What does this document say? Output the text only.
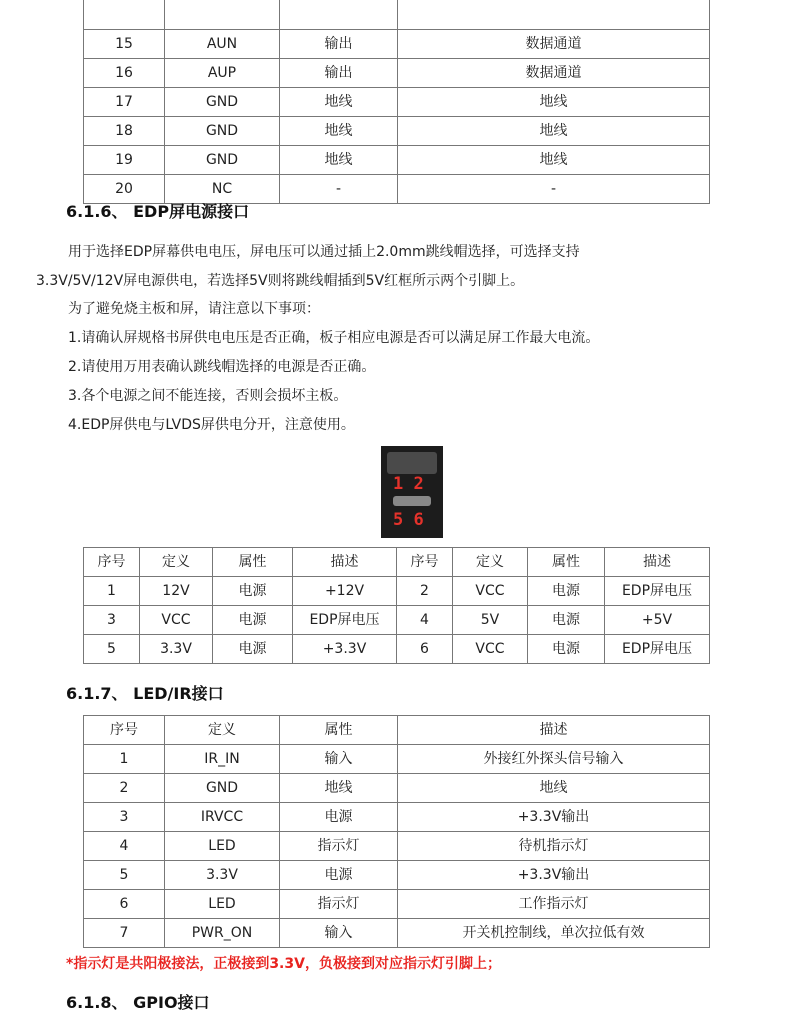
15	AUN	输出	数据通道
16	AUP	输出	数据通道
17	GND	地线	地线
18	GND	地线	地线
19	GND	地线	地线
20	NC	-	-
6.1.6、 EDP屏电源接口
用于选择EDP屏幕供电电压，屏电压可以通过插上2.0mm跳线帽选择，可选择支持
3.3V/5V/12V屏电源供电，若选择5V则将跳线帽插到5V红框所示两个引脚上。
为了避免烧主板和屏，请注意以下事项：
1.请确认屏规格书屏供电电压是否正确，板子相应电源是否可以满足屏工作最大电流。
2.请使用万用表确认跳线帽选择的电源是否正确。
3.各个电源之间不能连接，否则会损坏主板。
4.EDP屏供电与LVDS屏供电分开，注意使用。
1 2
5 6
序号	定义	属性	描述	序号	定义	属性	描述
1	12V	电源	+12V	2	VCC	电源	EDP屏电压
3	VCC	电源	EDP屏电压	4	5V	电源	+5V
5	3.3V	电源	+3.3V	6	VCC	电源	EDP屏电压
6.1.7、 LED/IR接口
序号	定义	属性	描述
1	IR_IN	输入	外接红外探头信号输入
2	GND	地线	地线
3	IRVCC	电源	+3.3V输出
4	LED	指示灯	待机指示灯
5	3.3V	电源	+3.3V输出
6	LED	指示灯	工作指示灯
7	PWR_ON	输入	开关机控制线，单次拉低有效
*指示灯是共阳极接法，正极接到3.3V，负极接到对应指示灯引脚上；
6.1.8、 GPIO接口
